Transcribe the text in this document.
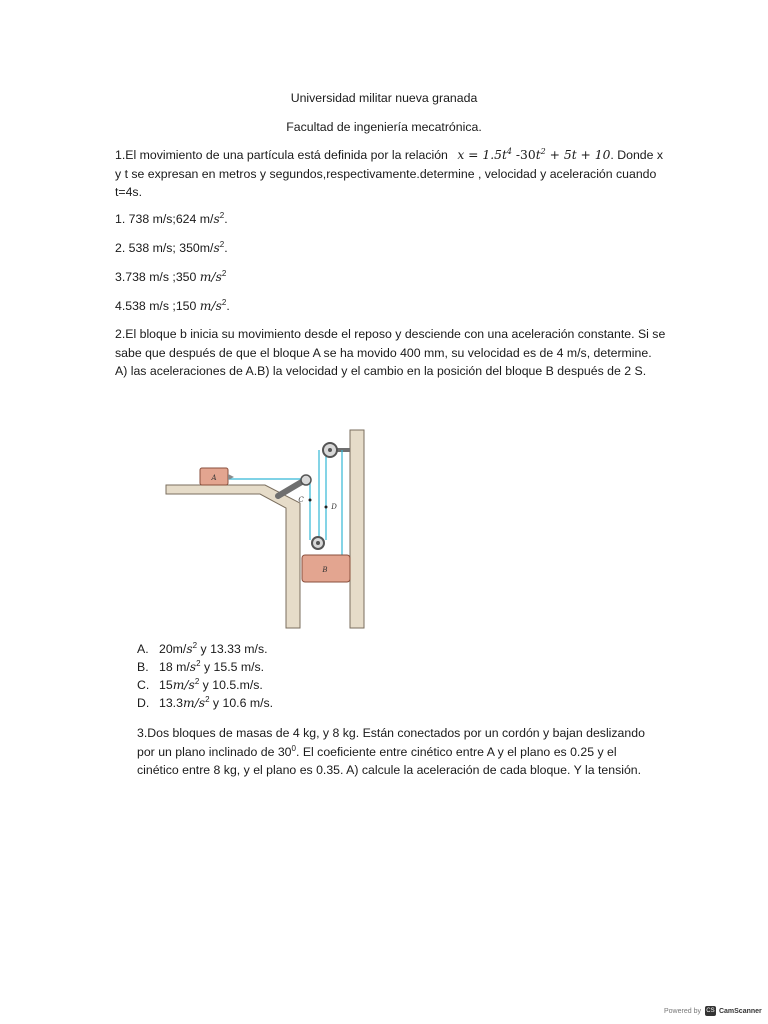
Universidad militar nueva granada
Facultad de ingeniería mecatrónica.
1.El movimiento de una partícula está definida por la relación $x = 1.5t^4$ $-30t^2 + 5t + 10$. Donde x
y t se expresan en metros y segundos,respectivamente.determine , velocidad y aceleración cuando
t=4s.
1. 738 m/s;624 $m/s^2$.
2. 538 m/s; $350m/s^2$.
3.738 m/s ;350 $m/s^2$
4.538 m/s ;150 $m/s^2$.
2.El bloque b inicia su movimiento desde el reposo y desciende con una aceleración constante. Si se
sabe que después de que el bloque A se ha movido 400 mm, su velocidad es de 4 m/s, determine.
A) las aceleraciones de A.B) la velocidad y el cambio en la posición del bloque B después de 2 S.
A
B
C
D
A. $20m/s^2$ y 13.33 m/s.
B. 18 $m/s^2$ y 15.5 m/s.
C. $15m/s^2$ y 10.5.m/s.
D. $13.3m/s^2$ y 10.6 m/s.
3.Dos bloques de masas de 4 kg, y 8 kg. Están conectados por un cordón y bajan deslizando
por un plano inclinado de $30^0$. El coeficiente entre cinético entre A y el plano es 0.25 y el
cinético entre 8 kg, y el plano es 0.35. A) calcule la aceleración de cada bloque. Y la tensión.
Powered by CS CamScanner
